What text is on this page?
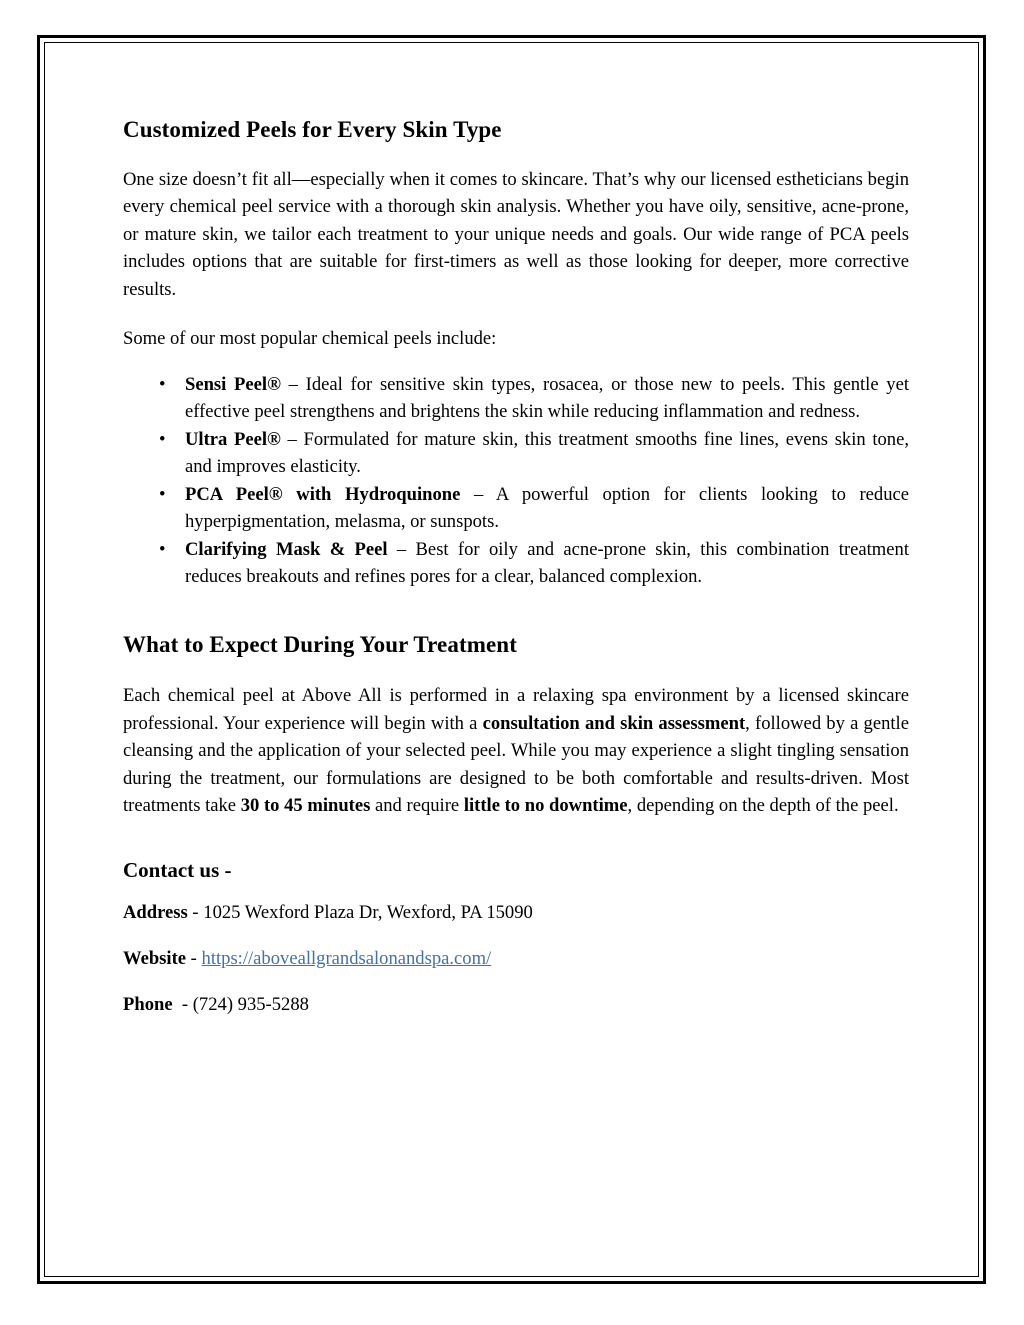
Customized Peels for Every Skin Type

One size doesn’t fit all—especially when it comes to skincare. That’s why our licensed estheticians begin every chemical peel service with a thorough skin analysis. Whether you have oily, sensitive, acne-prone, or mature skin, we tailor each treatment to your unique needs and goals. Our wide range of PCA peels includes options that are suitable for first-timers as well as those looking for deeper, more corrective results.

Some of our most popular chemical peels include:

• Sensi Peel® – Ideal for sensitive skin types, rosacea, or those new to peels. This gentle yet effective peel strengthens and brightens the skin while reducing inflammation and redness.
• Ultra Peel® – Formulated for mature skin, this treatment smooths fine lines, evens skin tone, and improves elasticity.
• PCA Peel® with Hydroquinone – A powerful option for clients looking to reduce hyperpigmentation, melasma, or sunspots.
• Clarifying Mask & Peel – Best for oily and acne-prone skin, this combination treatment reduces breakouts and refines pores for a clear, balanced complexion.
What to Expect During Your Treatment

Each chemical peel at Above All is performed in a relaxing spa environment by a licensed skincare professional. Your experience will begin with a consultation and skin assessment, followed by a gentle cleansing and the application of your selected peel. While you may experience a slight tingling sensation during the treatment, our formulations are designed to be both comfortable and results-driven. Most treatments take 30 to 45 minutes and require little to no downtime, depending on the depth of the peel.

Contact us -
Address - 1025 Wexford Plaza Dr, Wexford, PA 15090
Website - https://aboveallgrandsalonandspa.com/
Phone  - (724) 935-5288
